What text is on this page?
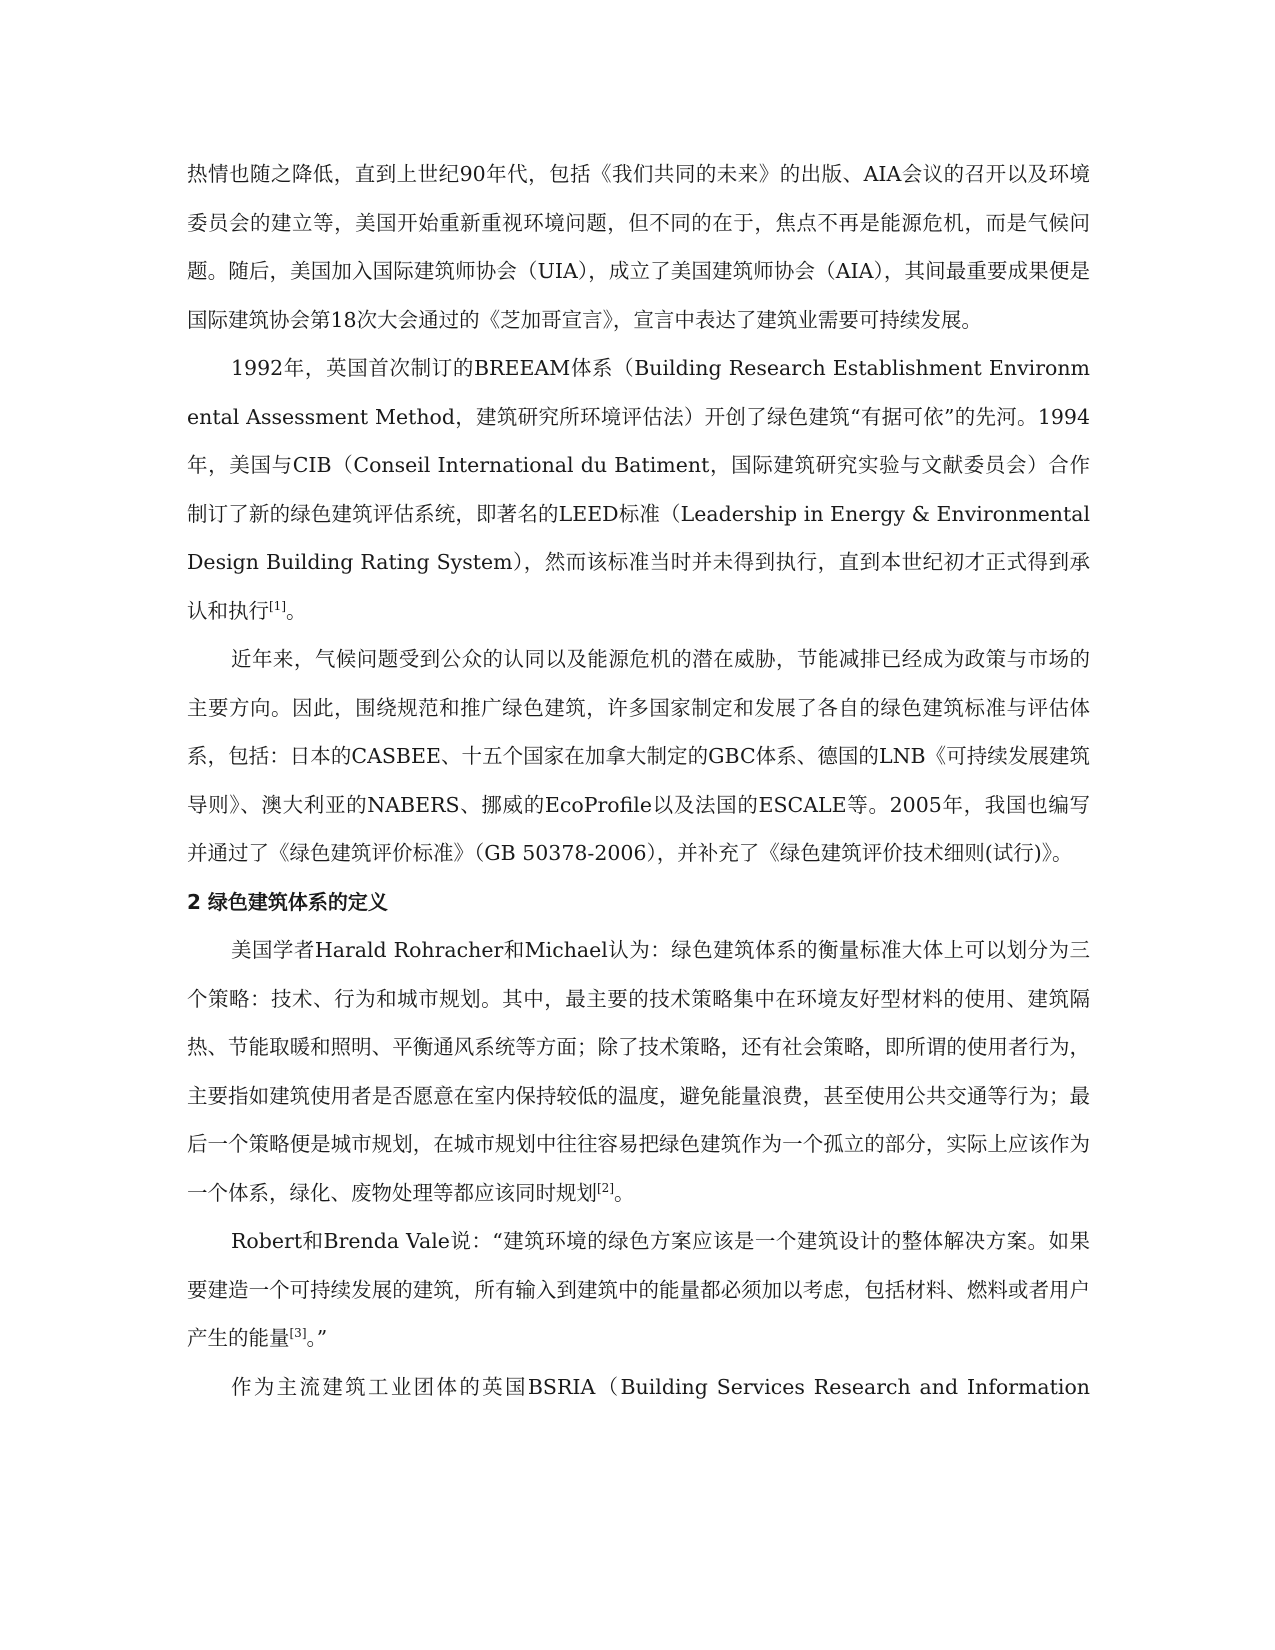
热情也随之降低，直到上世纪90年代，包括《我们共同的未来》的出版、AIA会议的召开以及环境委员会的建立等，美国开始重新重视环境问题，但不同的在于，焦点不再是能源危机，而是气候问题。随后，美国加入国际建筑师协会（UIA），成立了美国建筑师协会（AIA），其间最重要成果便是国际建筑协会第18次大会通过的《芝加哥宣言》，宣言中表达了建筑业需要可持续发展。

1992年，英国首次制订的BREEAM体系（Building Research Establishment Environmental Assessment Method，建筑研究所环境评估法）开创了绿色建筑“有据可依”的先河。1994年，美国与CIB（Conseil International du Batiment，国际建筑研究实验与文献委员会）合作制订了新的绿色建筑评估系统，即著名的LEED标准（Leadership in Energy & Environmental Design Building Rating System），然而该标准当时并未得到执行，直到本世纪初才正式得到承认和执行[1]。

近年来，气候问题受到公众的认同以及能源危机的潜在威胁，节能减排已经成为政策与市场的主要方向。因此，围绕规范和推广绿色建筑，许多国家制定和发展了各自的绿色建筑标准与评估体系，包括：日本的CASBEE、十五个国家在加拿大制定的GBC体系、德国的LNB《可持续发展建筑导则》、澳大利亚的NABERS、挪威的EcoProfile以及法国的ESCALE等。2005年，我国也编写并通过了《绿色建筑评价标准》（GB 50378-2006），并补充了《绿色建筑评价技术细则(试行)》。

2 绿色建筑体系的定义

美国学者Harald Rohracher和Michael认为：绿色建筑体系的衡量标准大体上可以划分为三个策略：技术、行为和城市规划。其中，最主要的技术策略集中在环境友好型材料的使用、建筑隔热、节能取暖和照明、平衡通风系统等方面；除了技术策略，还有社会策略，即所谓的使用者行为，主要指如建筑使用者是否愿意在室内保持较低的温度，避免能量浪费，甚至使用公共交通等行为；最后一个策略便是城市规划，在城市规划中往往容易把绿色建筑作为一个孤立的部分，实际上应该作为一个体系，绿化、废物处理等都应该同时规划[2]。

Robert和Brenda Vale说：“建筑环境的绿色方案应该是一个建筑设计的整体解决方案。如果要建造一个可持续发展的建筑，所有输入到建筑中的能量都必须加以考虑，包括材料、燃料或者用户产生的能量[3]。”

作为主流建筑工业团体的英国BSRIA（Building Services Research and Information
